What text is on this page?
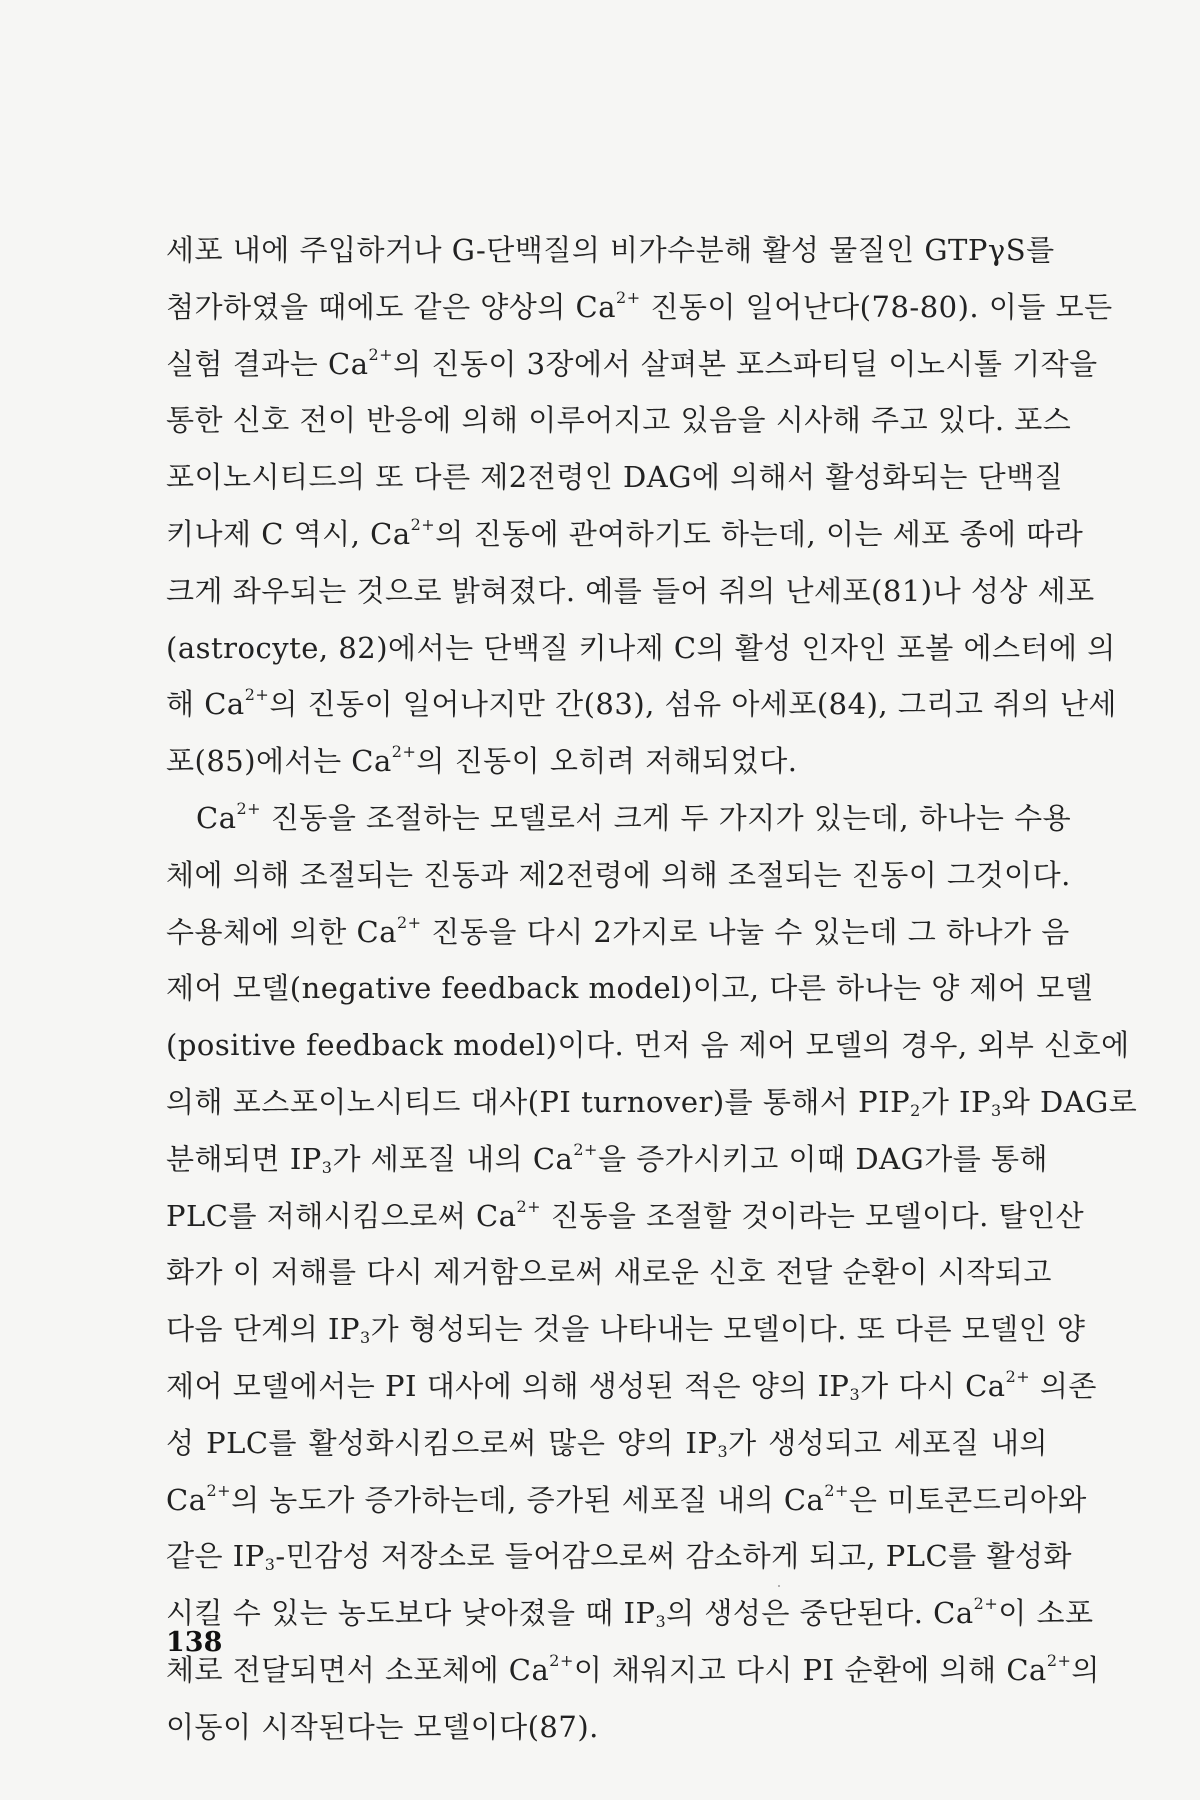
세포 내에 주입하거나 G-단백질의 비가수분해 활성 물질인 GTPγS를
첨가하였을 때에도 같은 양상의 $Ca^{2+}$ 진동이 일어난다(78-80). 이들 모든
실험 결과는 $Ca^{2+}$의 진동이 3장에서 살펴본 포스파티딜 이노시톨 기작을
통한 신호 전이 반응에 의해 이루어지고 있음을 시사해 주고 있다. 포스
포이노시티드의 또 다른 제2전령인 DAG에 의해서 활성화되는 단백질
키나제 C 역시, $Ca^{2+}$의 진동에 관여하기도 하는데, 이는 세포 종에 따라
크게 좌우되는 것으로 밝혀졌다. 예를 들어 쥐의 난세포(81)나 성상 세포
(astrocyte, 82)에서는 단백질 키나제 C의 활성 인자인 포볼 에스터에 의
해 $Ca^{2+}$의 진동이 일어나지만 간(83), 섬유 아세포(84), 그리고 쥐의 난세
포(85)에서는 $Ca^{2+}$의 진동이 오히려 저해되었다.
$Ca^{2+}$ 진동을 조절하는 모델로서 크게 두 가지가 있는데, 하나는 수용
체에 의해 조절되는 진동과 제2전령에 의해 조절되는 진동이 그것이다.
수용체에 의한 $Ca^{2+}$ 진동을 다시 2가지로 나눌 수 있는데 그 하나가 음
제어 모델(negative feedback model)이고, 다른 하나는 양 제어 모델
(positive feedback model)이다. 먼저 음 제어 모델의 경우, 외부 신호에
의해 포스포이노시티드 대사(PI turnover)를 통해서 $PIP_2$가 $IP_3$와 DAG로
분해되면 $IP_3$가 세포질 내의 $Ca^{2+}$을 증가시키고 이때 DAG가를 통해
PLC를 저해시킴으로써 $Ca^{2+}$ 진동을 조절할 것이라는 모델이다. 탈인산
화가 이 저해를 다시 제거함으로써 새로운 신호 전달 순환이 시작되고
다음 단계의 $IP_3$가 형성되는 것을 나타내는 모델이다. 또 다른 모델인 양
제어 모델에서는 PI 대사에 의해 생성된 적은 양의 $IP_3$가 다시 $Ca^{2+}$ 의존
성 PLC를 활성화시킴으로써 많은 양의 $IP_3$가 생성되고 세포질 내의
$Ca^{2+}$의 농도가 증가하는데, 증가된 세포질 내의 $Ca^{2+}$은 미토콘드리아와
같은 $IP_3-$민감성 저장소로 들어감으로써 감소하게 되고, PLC를 활성화
시킬 수 있는 농도보다 낮아졌을 때 $IP_3$의 생성은 중단된다. $Ca^{2+}$이 소포
체로 전달되면서 소포체에 $Ca^{2+}$이 채워지고 다시 PI 순환에 의해 $Ca^{2+}$의
이동이 시작된다는 모델이다(87).
138
